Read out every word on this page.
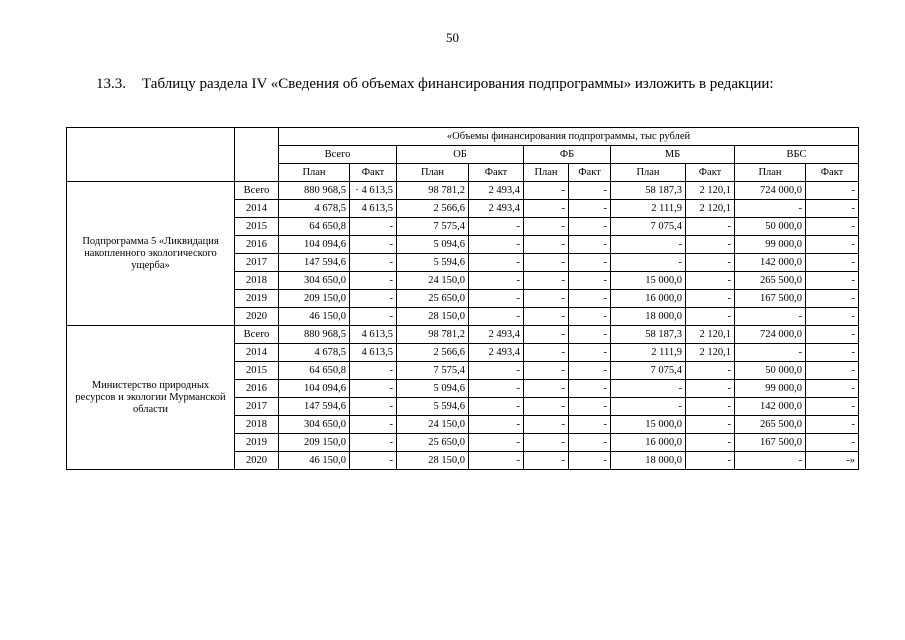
50
13.3. Таблицу раздела IV «Сведения об объемах финансирования подпрограммы» изложить в редакции:
		«Объемы финансирования подпрограммы, тыс рублей									
		Всего		ОБ		ФБ		МБ		ВБС	
		План	Факт	План	Факт	План	Факт	План	Факт	План	Факт
Подпрограмма 5 «Ликвидация накопленного экологического ущерба»	Всего	880 968,5	· 4 613,5	98 781,2	2 493,4	-	-	58 187,3	2 120,1	724 000,0	-
	2014	4 678,5	4 613,5	2 566,6	2 493,4	-	-	2 111,9	2 120,1	-	-
	2015	64 650,8	-	7 575,4	-	-	-	7 075,4	-	50 000,0	-
	2016	104 094,6	-	5 094,6	-	-	-	-	-	99 000,0	-
	2017	147 594,6	-	5 594,6	-	-	-	-	-	142 000,0	-
	2018	304 650,0	-	24 150,0	-	-	-	15 000,0	-	265 500,0	-
	2019	209 150,0	-	25 650,0	-	-	-	16 000,0	-	167 500,0	-
	2020	46 150,0	-	28 150,0	-	-	-	18 000,0	-	-	-
Министерство природных ресурсов и экологии Мурманской области	Всего	880 968,5	4 613,5	98 781,2	2 493,4	-	-	58 187,3	2 120,1	724 000,0	-
	2014	4 678,5	4 613,5	2 566,6	2 493,4	-	-	2 111,9	2 120,1	-	-
	2015	64 650,8	-	7 575,4	-	-	-	7 075,4	-	50 000,0	-
	2016	104 094,6	-	5 094,6	-	-	-	-	-	99 000,0	-
	2017	147 594,6	-	5 594,6	-	-	-	-	-	142 000,0	-
	2018	304 650,0	-	24 150,0	-	-	-	15 000,0	-	265 500,0	-
	2019	209 150,0	-	25 650,0	-	-	-	16 000,0	-	167 500,0	-
	2020	46 150,0	-	28 150,0	-	-	-	18 000,0	-	-	-»
